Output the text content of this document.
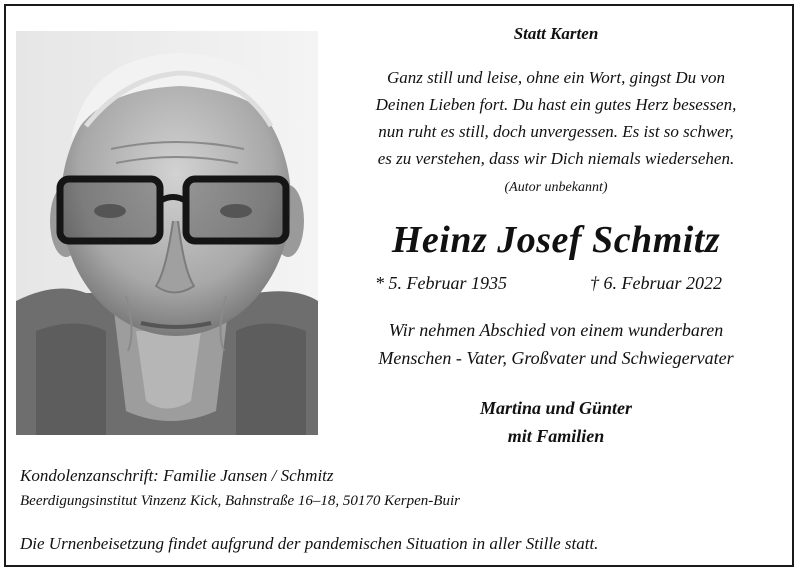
Statt Karten
Ganz still und leise, ohne ein Wort, gingst Du von
Deinen Lieben fort. Du hast ein gutes Herz besessen,
nun ruht es still, doch unvergessen. Es ist so schwer,
es zu verstehen, dass wir Dich niemals wiedersehen.
(Autor unbekannt)
Heinz Josef Schmitz
* 5. Februar 1935	† 6. Februar 2022
Wir nehmen Abschied von einem wunderbaren
Menschen - Vater, Großvater und Schwiegervater
Martina und Günter
mit Familien
Kondolenzanschrift: Familie Jansen / Schmitz
Beerdigungsinstitut Vinzenz Kick, Bahnstraße 16–18, 50170 Kerpen-Buir
Die Urnenbeisetzung findet aufgrund der pandemischen Situation in aller Stille statt.
